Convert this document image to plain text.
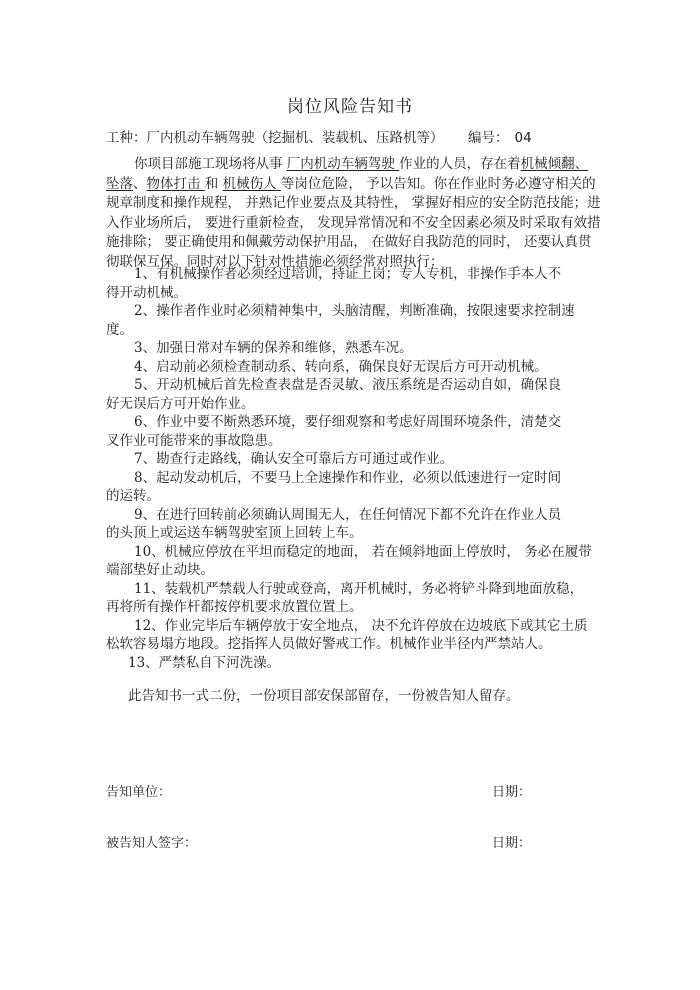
岗位风险告知书
工种：厂内机动车辆驾驶（挖掘机、装载机、压路机等） 编号： 04
你项目部施工现场将从事 厂内机动车辆驾驶 作业的人员，存在着机械倾翻、
坠落、物体打击 和 机械伤人 等岗位危险， 予以告知。你在作业时务必遵守相关的
规章制度和操作规程， 并熟记作业要点及其特性， 掌握好相应的安全防范技能；进
入作业场所后， 要进行重新检查， 发现异常情况和不安全因素必须及时采取有效措
施排除； 要正确使用和佩戴劳动保护用品， 在做好自我防范的同时， 还要认真贯
彻联保互保。同时对以下针对性措施必须经常对照执行：
1、有机械操作者必须经过培训，持证上岗；专人专机，非操作手本人不
得开动机械。
2、操作者作业时必须精神集中，头脑清醒，判断准确，按限速要求控制速
度。
3、加强日常对车辆的保养和维修，熟悉车况。
4、启动前必须检查制动系、转向系，确保良好无误后方可开动机械。
5、开动机械后首先检查表盘是否灵敏、液压系统是否运动自如，确保良
好无误后方可开始作业。
6、作业中要不断熟悉环境，要仔细观察和考虑好周围环境条件，清楚交
叉作业可能带来的事故隐患。
7、勘查行走路线，确认安全可靠后方可通过或作业。
8、起动发动机后，不要马上全速操作和作业，必须以低速进行一定时间
的运转。
9、在进行回转前必须确认周围无人，在任何情况下都不允许在作业人员
的头顶上或运送车辆驾驶室顶上回转上车。
10、机械应停放在平坦而稳定的地面， 若在倾斜地面上停放时， 务必在履带
端部垫好止动块。
11、装载机严禁载人行驶或登高，离开机械时，务必将铲斗降到地面放稳，
再将所有操作杆都按停机要求放置位置上。
12、作业完毕后车辆停放于安全地点， 决不允许停放在边坡底下或其它土质
松软容易塌方地段。挖指挥人员做好警戒工作。机械作业半径内严禁站人。
13、严禁私自下河洗澡。
此告知书一式二份，一份项目部安保部留存，一份被告知人留存。
告知单位：	日期：
被告知人签字：	日期：
